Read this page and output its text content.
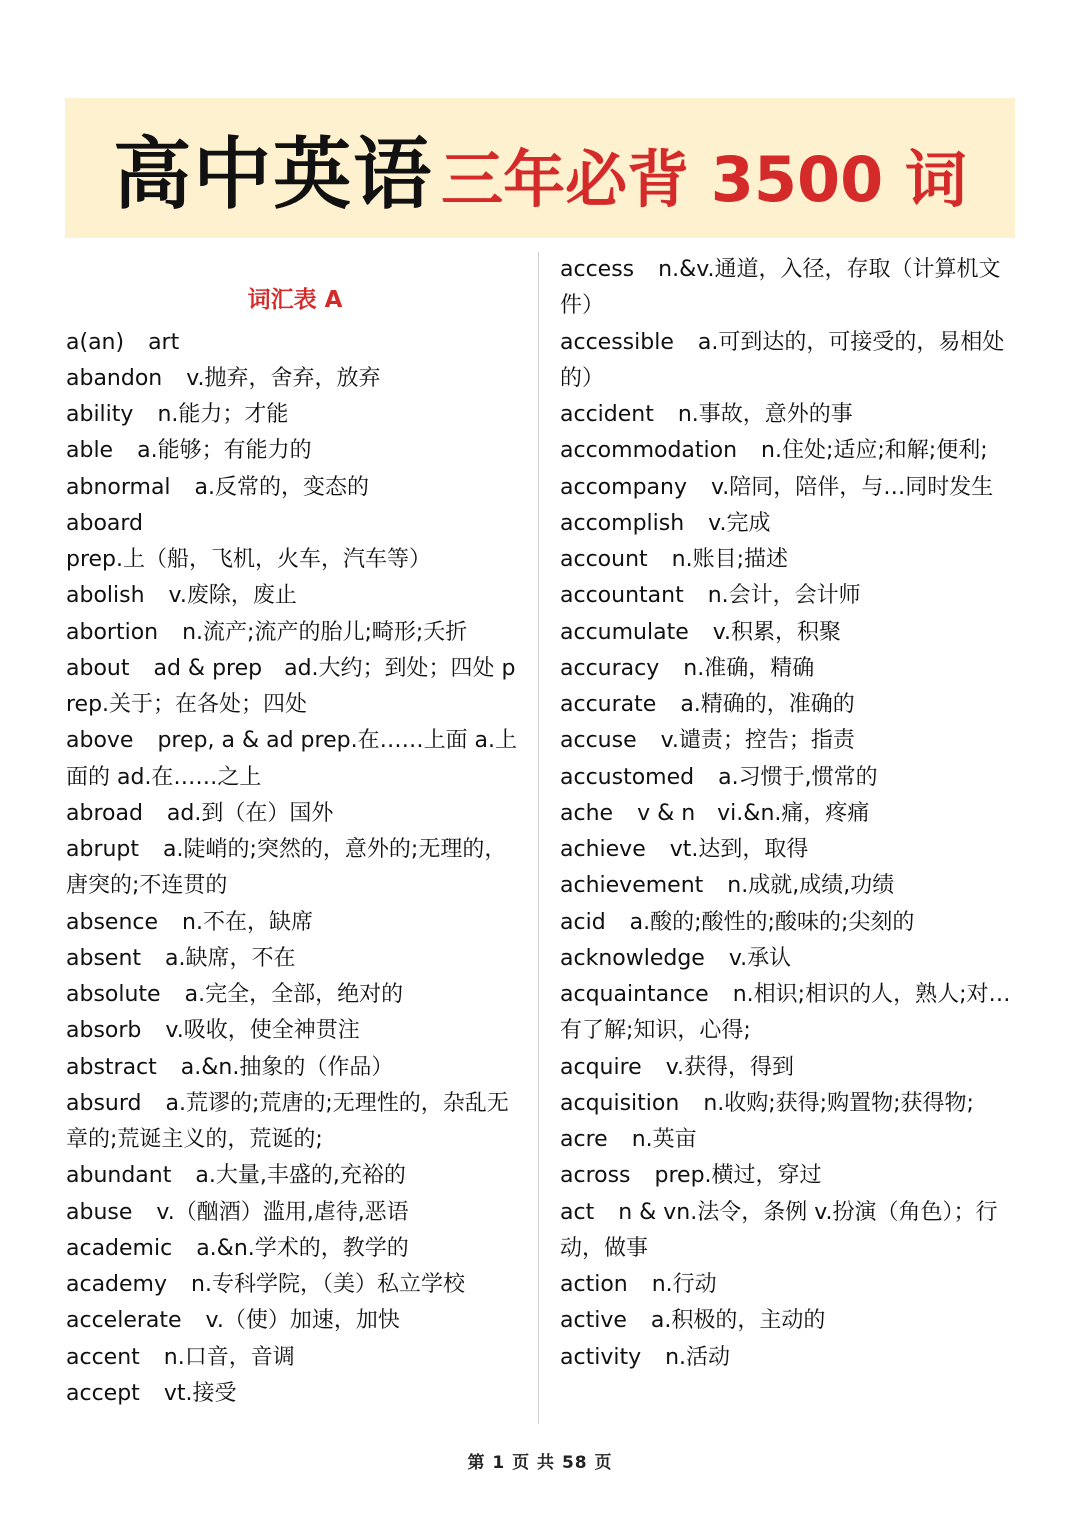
高中英语 三年必背 3500 词
词汇表 A
a(an) art
abandon v.抛弃，舍弃，放弃
ability n.能力；才能
able a.能够；有能力的
abnormal a.反常的，变态的
aboardprep.上（船，飞机，火车，汽车等）
abolish v.废除，废止
abortion n.流产;流产的胎儿;畸形;夭折
about ad & prep　ad.大约；到处；四处 prep.关于；在各处；四处
above prep, a & ad prep.在……上面 a.上面的 ad.在……之上
abroad ad.到（在）国外
abrupt a.陡峭的;突然的，意外的;无理的，唐突的;不连贯的
absence n.不在，缺席
absent a.缺席，不在
absolute a.完全，全部，绝对的
absorb v.吸收，使全神贯注
abstract a.&n.抽象的（作品）
absurd a.荒谬的;荒唐的;无理性的，杂乱无章的;荒诞主义的，荒诞的;
abundant a.大量,丰盛的,充裕的
abuse v.（酗酒）滥用,虐待,恶语
academic a.&n.学术的，教学的
academy n.专科学院，（美）私立学校
accelerate v.（使）加速，加快
accent n.口音，音调
accept vt.接受
access n.&v.通道，入径，存取（计算机文件）
accessible a.可到达的，可接受的，易相处的）
accident n.事故，意外的事
accommodation n.住处;适应;和解;便利;
accompany v.陪同，陪伴，与…同时发生
accomplish v.完成
account n.账目;描述
accountant n.会计，会计师
accumulate v.积累，积聚
accuracy n.准确，精确
accurate a.精确的，准确的
accuse v.谴责；控告；指责
accustomed a.习惯于,惯常的
ache v & n　vi.&n.痛，疼痛
achieve vt.达到，取得
achievement n.成就,成绩,功绩
acid a.酸的;酸性的;酸味的;尖刻的
acknowledge v.承认
acquaintance n.相识;相识的人，熟人;对…有了解;知识，心得;
acquire v.获得，得到
acquisition n.收购;获得;购置物;获得物;
acre n.英亩
across prep.横过，穿过
act n & vn.法令，条例 v.扮演（角色）；行动，做事
action n.行动
active a.积极的，主动的
activity n.活动
第 1 页 共 58 页
